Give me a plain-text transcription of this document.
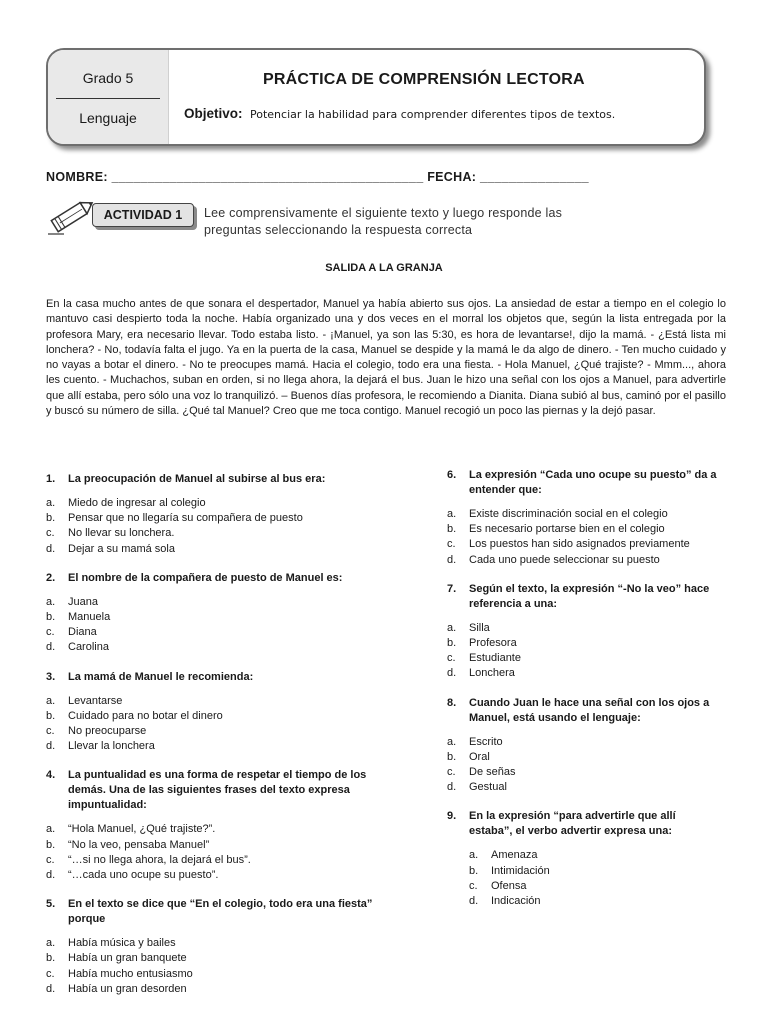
Grado 5
Lenguaje
PRÁCTICA DE COMPRENSIÓN LECTORA
Objetivo: Potenciar la habilidad para comprender diferentes tipos de textos.
NOMBRE: ___________________________________________ FECHA: _______________
ACTIVIDAD 1	Lee comprensivamente el siguiente texto y luego responde las
preguntas seleccionando la respuesta correcta
SALIDA A LA GRANJA
En la casa mucho antes de que sonara el despertador, Manuel ya había abierto sus ojos. La ansiedad de estar a tiempo en el colegio lo mantuvo casi despierto toda la noche. Había organizado una y dos veces en el morral los objetos que, según la lista entregada por la profesora Mary, era necesario llevar. Todo estaba listo. - ¡Manuel, ya son las 5:30, es hora de levantarse!, dijo la mamá. - ¿Está lista mi lonchera? - No, todavía falta el jugo. Ya en la puerta de la casa, Manuel se despide y la mamá le da algo de dinero. - Ten mucho cuidado y no vayas a botar el dinero. - No te preocupes mamá. Hacia el colegio, todo era una fiesta. - Hola Manuel, ¿Qué trajiste? - Mmm..., ahora les cuento. - Muchachos, suban en orden, si no llega ahora, la dejará el bus. Juan le hizo una señal con los ojos a Manuel, para advertirle que allí estaba, pero sólo una voz lo tranquilizó. – Buenos días profesora, le recomiendo a Dianita. Diana subió al bus, caminó por el pasillo y buscó su número de silla. ¿Qué tal Manuel? Creo que me toca contigo. Manuel recogió un poco las piernas y la dejó pasar.
1.	La preocupación de Manuel al subirse al bus era:
a.	Miedo de ingresar al colegio
b.	Pensar que no llegaría su compañera de puesto
c.	No llevar su lonchera.
d.	Dejar a su mamá sola
2.	El nombre de la compañera de puesto de Manuel es:
a.	Juana
b.	Manuela
c.	Diana
d.	Carolina
3.	La mamá de Manuel le recomienda:
a.	Levantarse
b.	Cuidado para no botar el dinero
c.	No preocuparse
d.	Llevar la lonchera
4.	La puntualidad es una forma de respetar el tiempo de los demás. Una de las siguientes frases del texto expresa impuntualidad:
a.	“Hola Manuel, ¿Qué trajiste?”.
b.	“No la veo, pensaba Manuel”
c.	“…si no llega ahora, la dejará el bus”.
d.	“…cada uno ocupe su puesto”.
5.	En el texto se dice que “En el colegio, todo era una fiesta” porque
a.	Había música y bailes
b.	Había un gran banquete
c.	Había mucho entusiasmo
d.	Había un gran desorden
6.	La expresión “Cada uno ocupe su puesto” da a entender que:
a.	Existe discriminación social en el colegio
b.	Es necesario portarse bien en el colegio
c.	Los puestos han sido asignados previamente
d.	Cada uno puede seleccionar su puesto
7.	Según el texto, la expresión “-No la veo” hace referencia a una:
a.	Silla
b.	Profesora
c.	Estudiante
d.	Lonchera
8.	Cuando Juan le hace una señal con los ojos a Manuel, está usando el lenguaje:
a.	Escrito
b.	Oral
c.	De señas
d.	Gestual
9.	En la expresión “para advertirle que allí estaba”, el verbo advertir expresa una:
a.	Amenaza
b.	Intimidación
c.	Ofensa
d.	Indicación
